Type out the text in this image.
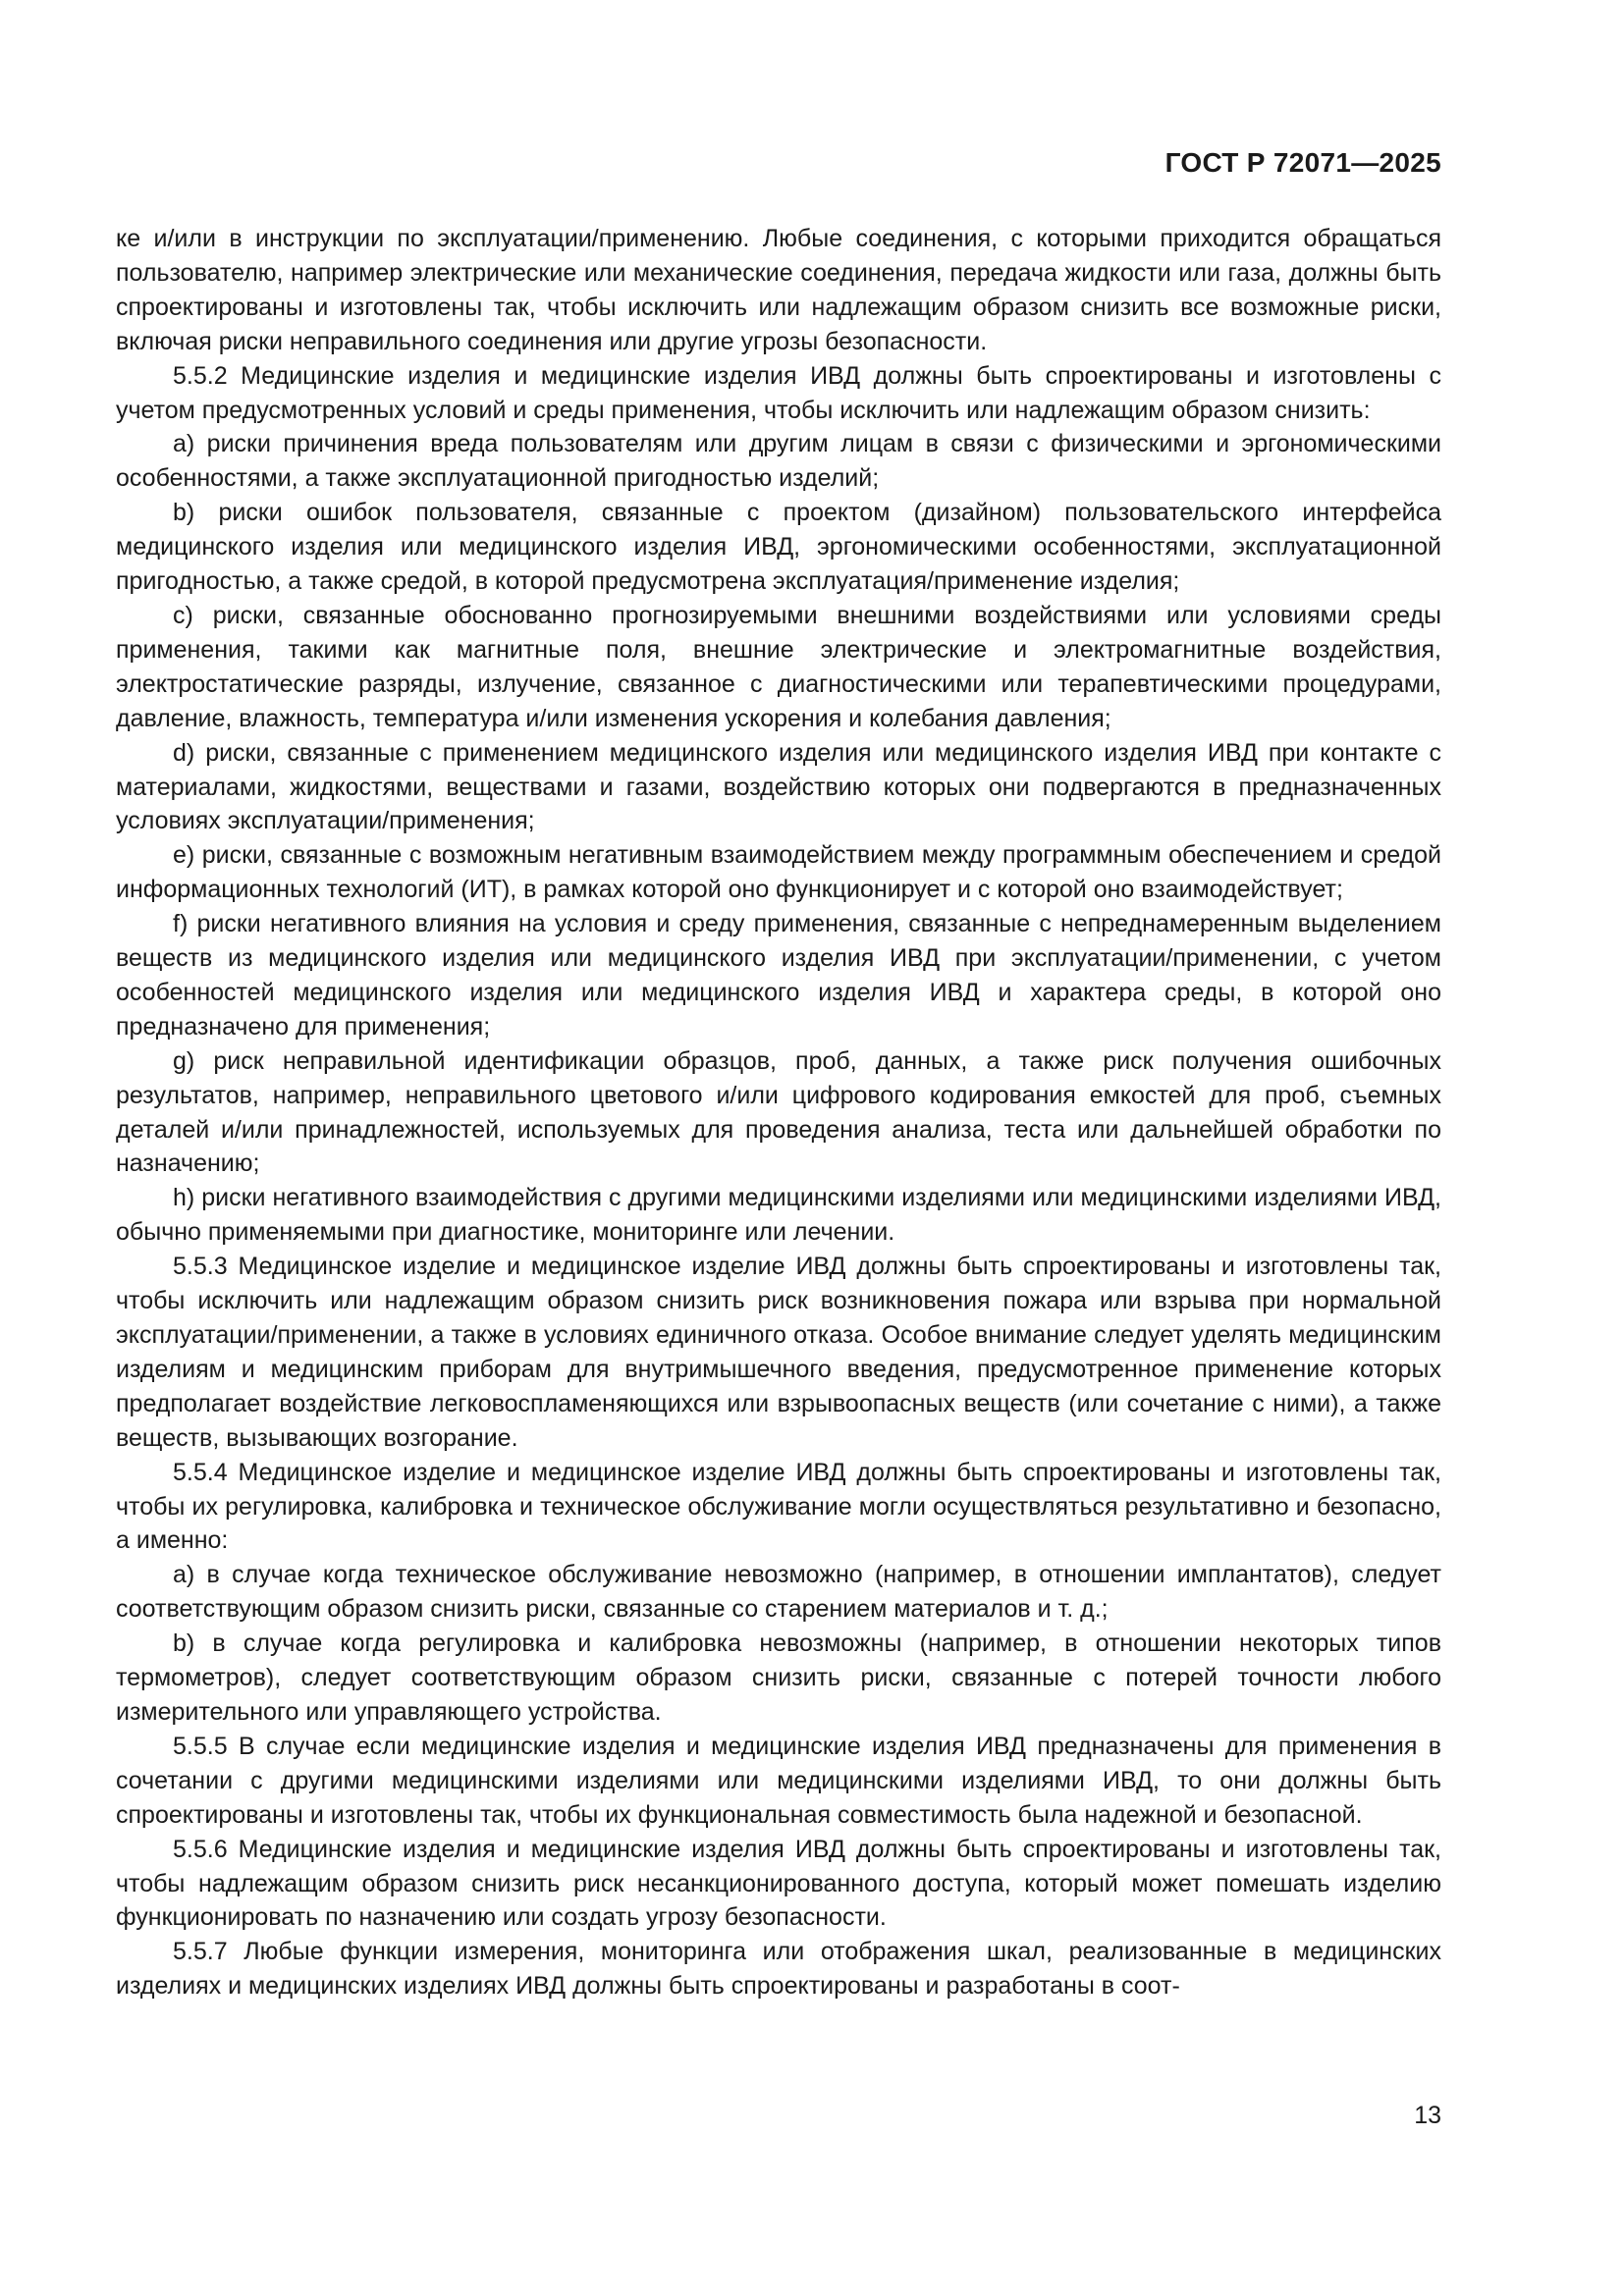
ГОСТ Р 72071—2025

ке и/или в инструкции по эксплуатации/применению. Любые соединения, с которыми приходится обращаться пользователю, например электрические или механические соединения, передача жидкости или газа, должны быть спроектированы и изготовлены так, чтобы исключить или надлежащим образом снизить все возможные риски, включая риски неправильного соединения или другие угрозы безопасности.

5.5.2 Медицинские изделия и медицинские изделия ИВД должны быть спроектированы и изготовлены с учетом предусмотренных условий и среды применения, чтобы исключить или надлежащим образом снизить:

a) риски причинения вреда пользователям или другим лицам в связи с физическими и эргономическими особенностями, а также эксплуатационной пригодностью изделий;

b) риски ошибок пользователя, связанные с проектом (дизайном) пользовательского интерфейса медицинского изделия или медицинского изделия ИВД, эргономическими особенностями, эксплуатационной пригодностью, а также средой, в которой предусмотрена эксплуатация/применение изделия;

c) риски, связанные обоснованно прогнозируемыми внешними воздействиями или условиями среды применения, такими как магнитные поля, внешние электрические и электромагнитные воздействия, электростатические разряды, излучение, связанное с диагностическими или терапевтическими процедурами, давление, влажность, температура и/или изменения ускорения и колебания давления;

d) риски, связанные с применением медицинского изделия или медицинского изделия ИВД при контакте с материалами, жидкостями, веществами и газами, воздействию которых они подвергаются в предназначенных условиях эксплуатации/применения;

e) риски, связанные с возможным негативным взаимодействием между программным обеспечением и средой информационных технологий (ИТ), в рамках которой оно функционирует и с которой оно взаимодействует;

f) риски негативного влияния на условия и среду применения, связанные с непреднамеренным выделением веществ из медицинского изделия или медицинского изделия ИВД при эксплуатации/применении, с учетом особенностей медицинского изделия или медицинского изделия ИВД и характера среды, в которой оно предназначено для применения;

g) риск неправильной идентификации образцов, проб, данных, а также риск получения ошибочных результатов, например, неправильного цветового и/или цифрового кодирования емкостей для проб, съемных деталей и/или принадлежностей, используемых для проведения анализа, теста или дальнейшей обработки по назначению;

h) риски негативного взаимодействия с другими медицинскими изделиями или медицинскими изделиями ИВД, обычно применяемыми при диагностике, мониторинге или лечении.

5.5.3 Медицинское изделие и медицинское изделие ИВД должны быть спроектированы и изготовлены так, чтобы исключить или надлежащим образом снизить риск возникновения пожара или взрыва при нормальной эксплуатации/применении, а также в условиях единичного отказа. Особое внимание следует уделять медицинским изделиям и медицинским приборам для внутримышечного введения, предусмотренное применение которых предполагает воздействие легковоспламеняющихся или взрывоопасных веществ (или сочетание с ними), а также веществ, вызывающих возгорание.

5.5.4 Медицинское изделие и медицинское изделие ИВД должны быть спроектированы и изготовлены так, чтобы их регулировка, калибровка и техническое обслуживание могли осуществляться результативно и безопасно, а именно:

a) в случае когда техническое обслуживание невозможно (например, в отношении имплантатов), следует соответствующим образом снизить риски, связанные со старением материалов и т. д.;

b) в случае когда регулировка и калибровка невозможны (например, в отношении некоторых типов термометров), следует соответствующим образом снизить риски, связанные с потерей точности любого измерительного или управляющего устройства.

5.5.5 В случае если медицинские изделия и медицинские изделия ИВД предназначены для применения в сочетании с другими медицинскими изделиями или медицинскими изделиями ИВД, то они должны быть спроектированы и изготовлены так, чтобы их функциональная совместимость была надежной и безопасной.

5.5.6 Медицинские изделия и медицинские изделия ИВД должны быть спроектированы и изготовлены так, чтобы надлежащим образом снизить риск несанкционированного доступа, который может помешать изделию функционировать по назначению или создать угрозу безопасности.

5.5.7 Любые функции измерения, мониторинга или отображения шкал, реализованные в медицинских изделиях и медицинских изделиях ИВД должны быть спроектированы и разработаны в соот-

13
